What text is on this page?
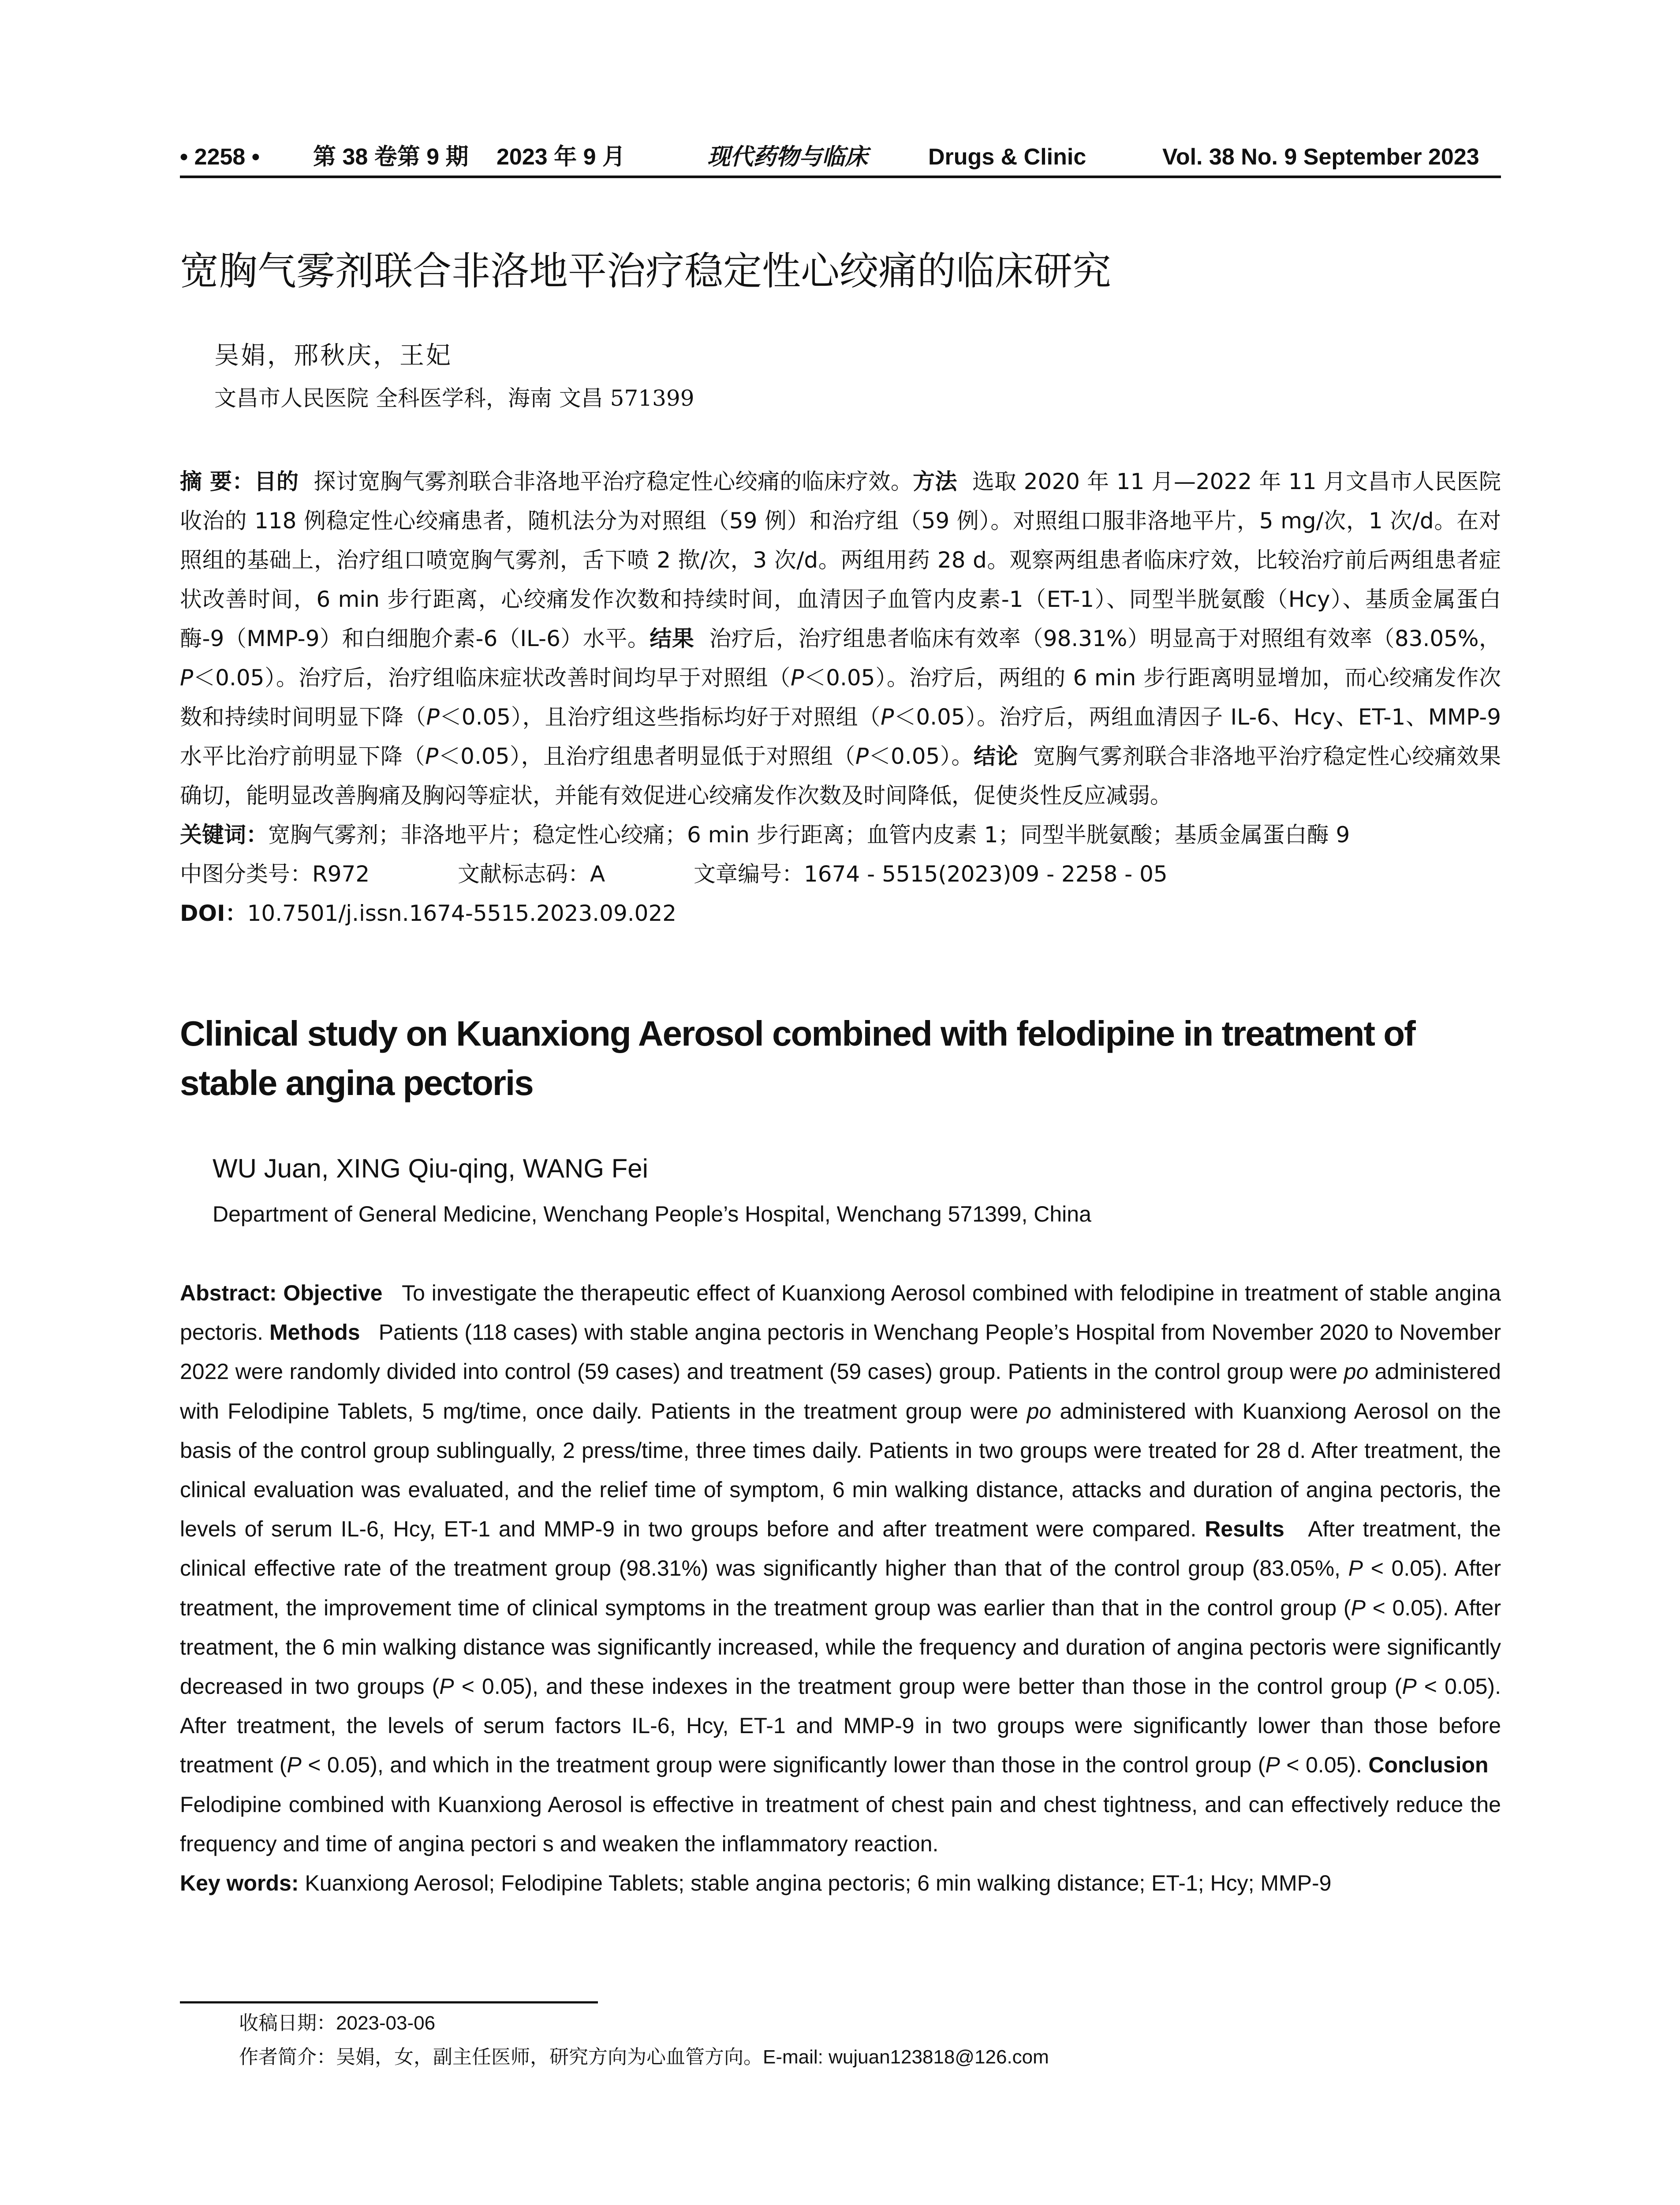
• 2258 • 第 38 卷第 9 期 2023 年 9 月	现代药物与临床	Drugs & Clinic	Vol. 38 No. 9 September 2023
宽胸气雾剂联合非洛地平治疗稳定性心绞痛的临床研究
吴娟，邢秋庆，王妃
文昌市人民医院 全科医学科，海南 文昌 571399

摘 要：目的 探讨宽胸气雾剂联合非洛地平治疗稳定性心绞痛的临床疗效。方法 选取 2020 年 11 月—2022 年 11 月文昌市人民医院收治的 118 例稳定性心绞痛患者，随机法分为对照组（59 例）和治疗组（59 例）。对照组口服非洛地平片，5 mg/次，1 次/d。在对照组的基础上，治疗组口喷宽胸气雾剂，舌下喷 2 揿/次，3 次/d。两组用药 28 d。观察两组患者临床疗效，比较治疗前后两组患者症状改善时间，6 min 步行距离，心绞痛发作次数和持续时间，血清因子血管内皮素-1（ET-1）、同型半胱氨酸（Hcy）、基质金属蛋白酶-9（MMP-9）和白细胞介素-6（IL-6）水平。结果 治疗后，治疗组患者临床有效率（98.31%）明显高于对照组有效率（83.05%，P＜0.05）。治疗后，治疗组临床症状改善时间均早于对照组（P＜0.05）。治疗后，两组的 6 min 步行距离明显增加，而心绞痛发作次数和持续时间明显下降（P＜0.05），且治疗组这些指标均好于对照组（P＜0.05）。治疗后，两组血清因子 IL-6、Hcy、ET-1、MMP-9 水平比治疗前明显下降（P＜0.05），且治疗组患者明显低于对照组（P＜0.05）。结论 宽胸气雾剂联合非洛地平治疗稳定性心绞痛效果确切，能明显改善胸痛及胸闷等症状，并能有效促进心绞痛发作次数及时间降低，促使炎性反应减弱。

关键词：宽胸气雾剂；非洛地平片；稳定性心绞痛；6 min 步行距离；血管内皮素 1；同型半胱氨酸；基质金属蛋白酶 9

中图分类号：R972	文献标志码：A	文章编号：1674 - 5515(2023)09 - 2258 - 05

DOI：10.7501/j.issn.1674-5515.2023.09.022

Clinical study on Kuanxiong Aerosol combined with felodipine in treatment of stable angina pectoris
WU Juan, XING Qiu-qing, WANG Fei
Department of General Medicine, Wenchang People’s Hospital, Wenchang 571399, China

Abstract: Objective To investigate the therapeutic effect of Kuanxiong Aerosol combined with felodipine in treatment of stable angina pectoris. Methods Patients (118 cases) with stable angina pectoris in Wenchang People’s Hospital from November 2020 to November 2022 were randomly divided into control (59 cases) and treatment (59 cases) group. Patients in the control group were po administered with Felodipine Tablets, 5 mg/time, once daily. Patients in the treatment group were po administered with Kuanxiong Aerosol on the basis of the control group sublingually, 2 press/time, three times daily. Patients in two groups were treated for 28 d. After treatment, the clinical evaluation was evaluated, and the relief time of symptom, 6 min walking distance, attacks and duration of angina pectoris, the levels of serum IL-6, Hcy, ET-1 and MMP-9 in two groups before and after treatment were compared. Results After treatment, the clinical effective rate of the treatment group (98.31%) was significantly higher than that of the control group (83.05%, P < 0.05). After treatment, the improvement time of clinical symptoms in the treatment group was earlier than that in the control group (P < 0.05). After treatment, the 6 min walking distance was significantly increased, while the frequency and duration of angina pectoris were significantly decreased in two groups (P < 0.05), and these indexes in the treatment group were better than those in the control group (P < 0.05). After treatment, the levels of serum factors IL-6, Hcy, ET-1 and MMP-9 in two groups were significantly lower than those before treatment (P < 0.05), and which in the treatment group were significantly lower than those in the control group (P < 0.05). Conclusion   Felodipine combined with Kuanxiong Aerosol is effective in treatment of chest pain and chest tightness, and can effectively reduce the frequency and time of angina pectori s and weaken the inflammatory reaction.

Key words: Kuanxiong Aerosol; Felodipine Tablets; stable angina pectoris; 6 min walking distance; ET-1; Hcy; MMP-9

收稿日期：2023-03-06
作者简介：吴娟，女，副主任医师，研究方向为心血管方向。E-mail: wujuan123818@126.com
